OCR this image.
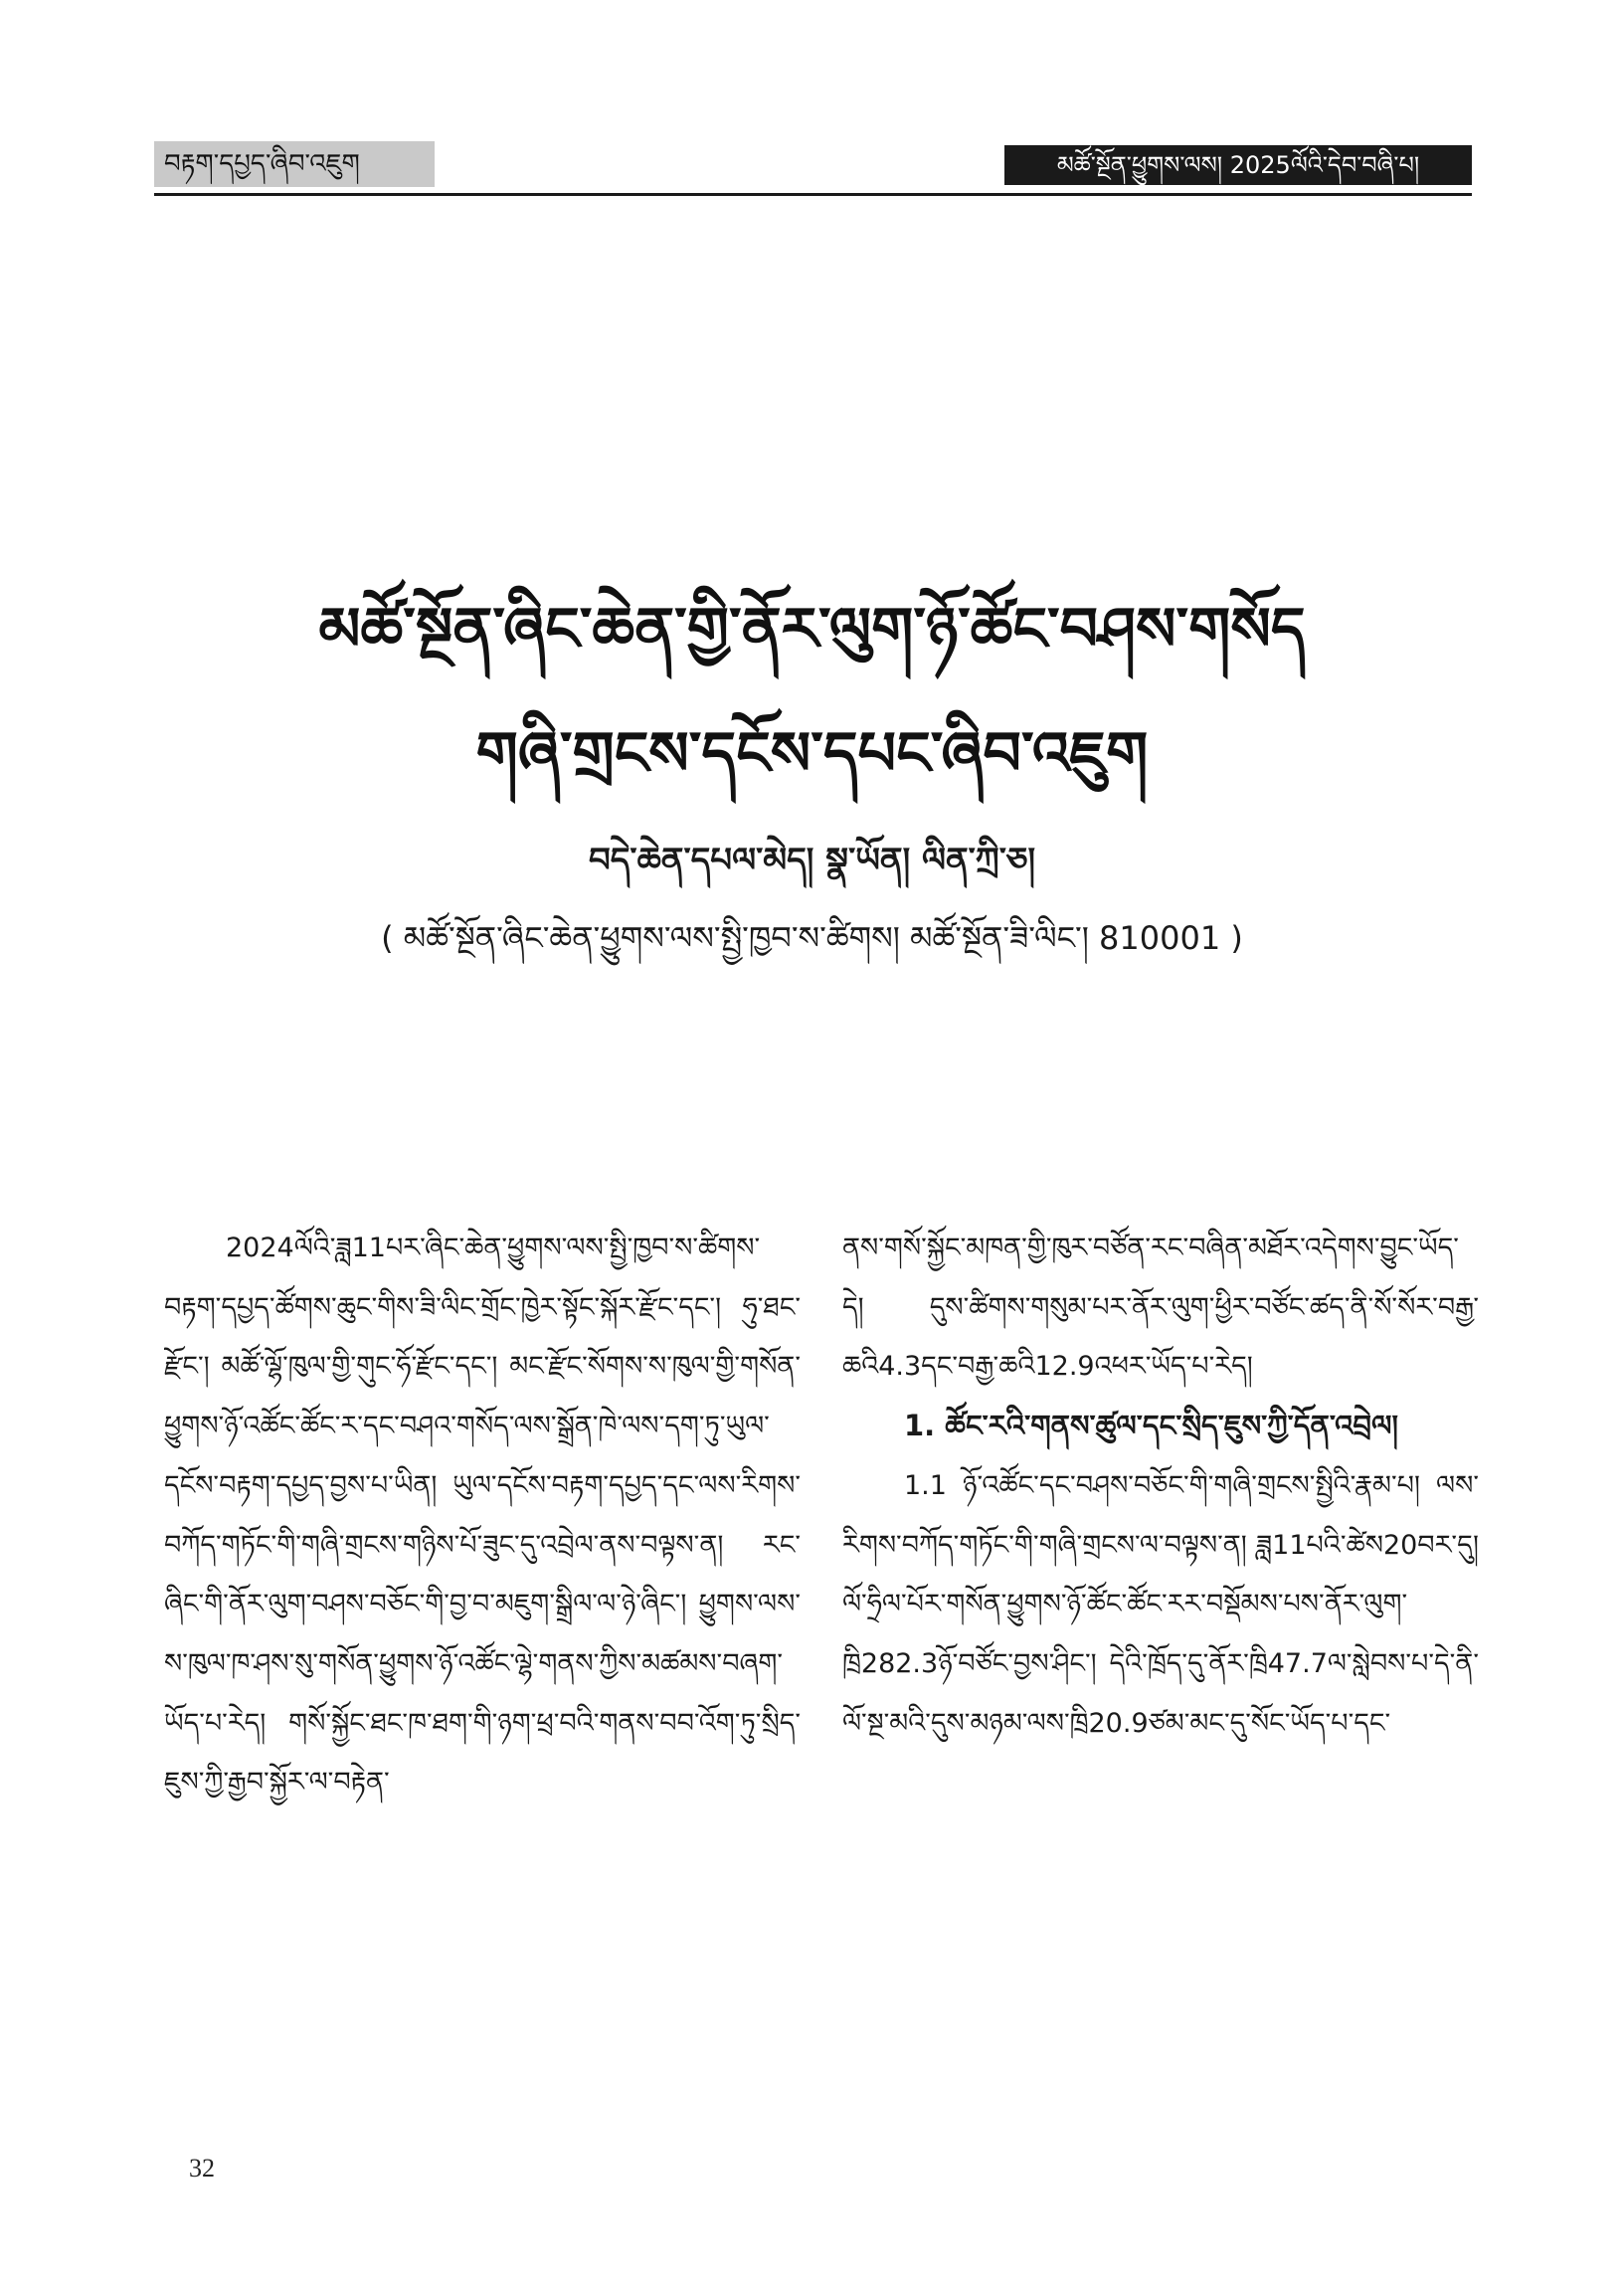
བརྟག་དཔྱད་ཞིབ་འཇུག	མཚོ་སྔོན་ཕྱུགས་ལས། 2025ལོའི་དེབ་བཞི་པ།
མཚོ་སྔོན་ཞིང་ཆེན་གྱི་ནོར་ལུག་ཉོ་ཚོང་བཤས་གསོད
གཞི་གྲངས་དངོས་དཔང་ཞིབ་འཇུག
བདེ་ཆེན་དཔལ་མེད། སྣ་ཡོན། ལིན་ཀྲི་ཅ།
( མཚོ་སྔོན་ཞིང་ཆེན་ཕྱུགས་ལས་སྤྱི་ཁྱབ་ས་ཚིགས། མཚོ་སྔོན་ཟི་ལིང་། 810001 )

2024ལོའི་ཟླ11པར་ཞིང་ཆེན་ཕྱུགས་ལས་སྤྱི་ཁྱབ་ས་ཚིགས་བརྟག་དཔྱད་ཚོགས་ཆུང་གིས་ཟི་ལིང་གྲོང་ཁྱེར་སྟོང་སྐོར་རྫོང་དང་། ཧུ་ཐང་རྫོང་། མཚོ་ལྷོ་ཁུལ་གྱི་གུང་ཧོ་རྫོང་དང་། མང་རྫོང་སོགས་ས་ཁུལ་གྱི་གསོན་ཕྱུགས་ཉོ་འཚོང་ཚོང་ར་དང་བཤའ་གསོད་ལས་སྒྲོན་ཁེ་ལས་དག་ཏུ་ཡུལ་དངོས་བརྟག་དཔྱད་བྱས་པ་ཡིན། ཡུལ་དངོས་བརྟག་དཔྱད་དང་ལས་རིགས་བཀོད་གཏོང་གི་གཞི་གྲངས་གཉིས་པོ་ཟུང་དུ་འབྲེལ་ནས་བལྟས་ན། རང་ཞིང་གི་ནོར་ལུག་བཤས་བཅོང་གི་བྱ་བ་མཇུག་སྒྲིལ་ལ་ཉེ་ཞིང་། ཕྱུགས་ལས་ས་ཁུལ་ཁ་ཤས་སུ་གསོན་ཕྱུགས་ཉོ་འཚོང་ལྷེ་གནས་ཀྱིས་མཚམས་བཞག་ཡོད་པ་རེད། གསོ་སྐྱོང་ཐང་ཁ་ཐག་གི་ཉག་ཕྲ་བའི་གནས་བབ་འོག་ཏུ་སྲིད་ཇུས་ཀྱི་རྒྱབ་སྐྱོར་ལ་བརྟེན་

ནས་གསོ་སྐྱོང་མཁན་གྱི་ཁུར་བཙོན་རང་བཞིན་མཐོར་འདེགས་བྱུང་ཡོད་དེ། དུས་ཚིགས་གསུམ་པར་ནོར་ལུག་ཕྱིར་བཙོང་ཚད་ནི་སོ་སོར་བརྒྱ་ཆའི4.3དང་བརྒྱ་ཆའི12.9འཕར་ཡོད་པ་རེད།

1. ཚོང་རའི་གནས་ཚུལ་དང་སྲིད་ཇུས་ཀྱི་དོན་འབྲེལ།

1.1 ཉོ་འཚོང་དང་བཤས་བཅོང་གི་གཞི་གྲངས་སྤྱིའི་རྣམ་པ། ལས་རིགས་བཀོད་གཏོང་གི་གཞི་གྲངས་ལ་བལྟས་ན། ཟླ11པའི་ཚེས20བར་དུ། ལོ་ཧྲིལ་པོར་གསོན་ཕྱུགས་ཉོ་ཚོང་ཚོང་རར་བསྡོམས་པས་ནོར་ལུག་ཁྲི282.3ཉོ་བཙོང་བྱས་ཤིང་། དེའི་ཁྲོད་དུ་ནོར་ཁྲི47.7ལ་སླེབས་པ་དེ་ནི་ལོ་སྔ་མའི་དུས་མཉམ་ལས་ཁྲི20.9ཙམ་མང་དུ་སོང་ཡོད་པ་དང་

32
